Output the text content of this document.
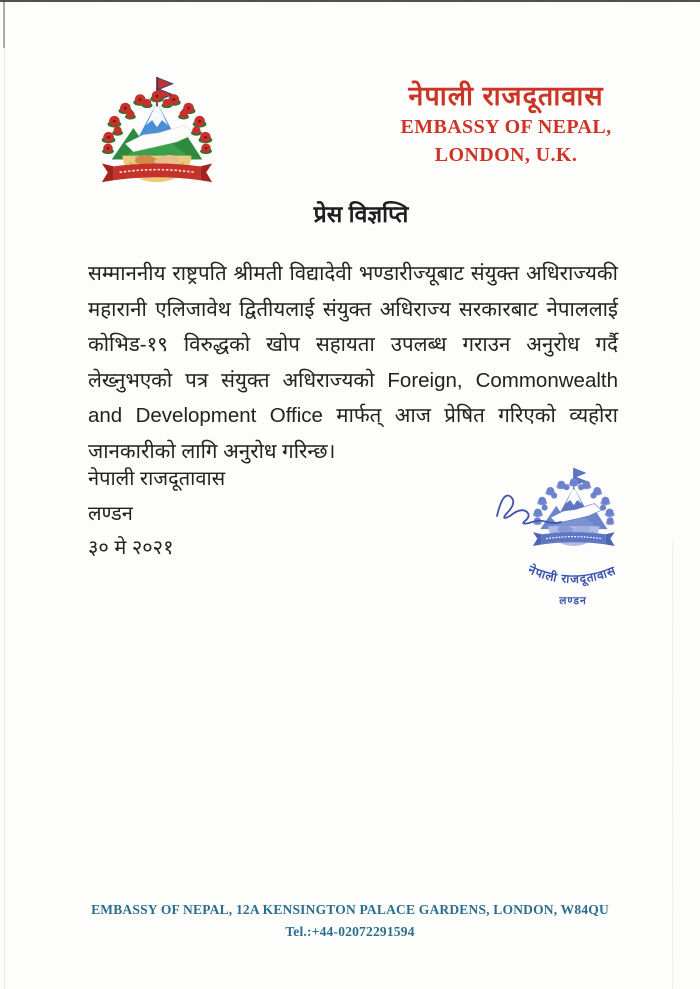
नेपाली राजदूतावास
EMBASSY OF NEPAL,
LONDON, U.K.
प्रेस विज्ञप्ति
सम्माननीय राष्ट्रपति श्रीमती विद्यादेवी भण्डारीज्यूबाट संयुक्त अधिराज्यकी महारानी एलिजावेथ द्वितीयलाई संयुक्त अधिराज्य सरकारबाट नेपाललाई कोभिड-१९ विरुद्धको खोप सहायता उपलब्ध गराउन अनुरोध गर्दै लेख्नुभएको पत्र संयुक्त अधिराज्यको Foreign, Commonwealth and Development Office मार्फत् आज प्रेषित गरिएको व्यहोरा जानकारीको लागि अनुरोध गरिन्छ।
नेपाली राजदूतावास
लण्डन
३० मे २०२१
नेपाली राजदूतावास
लण्डन
EMBASSY OF NEPAL, 12A KENSINGTON PALACE GARDENS, LONDON, W84QU
Tel.:+44-02072291594
